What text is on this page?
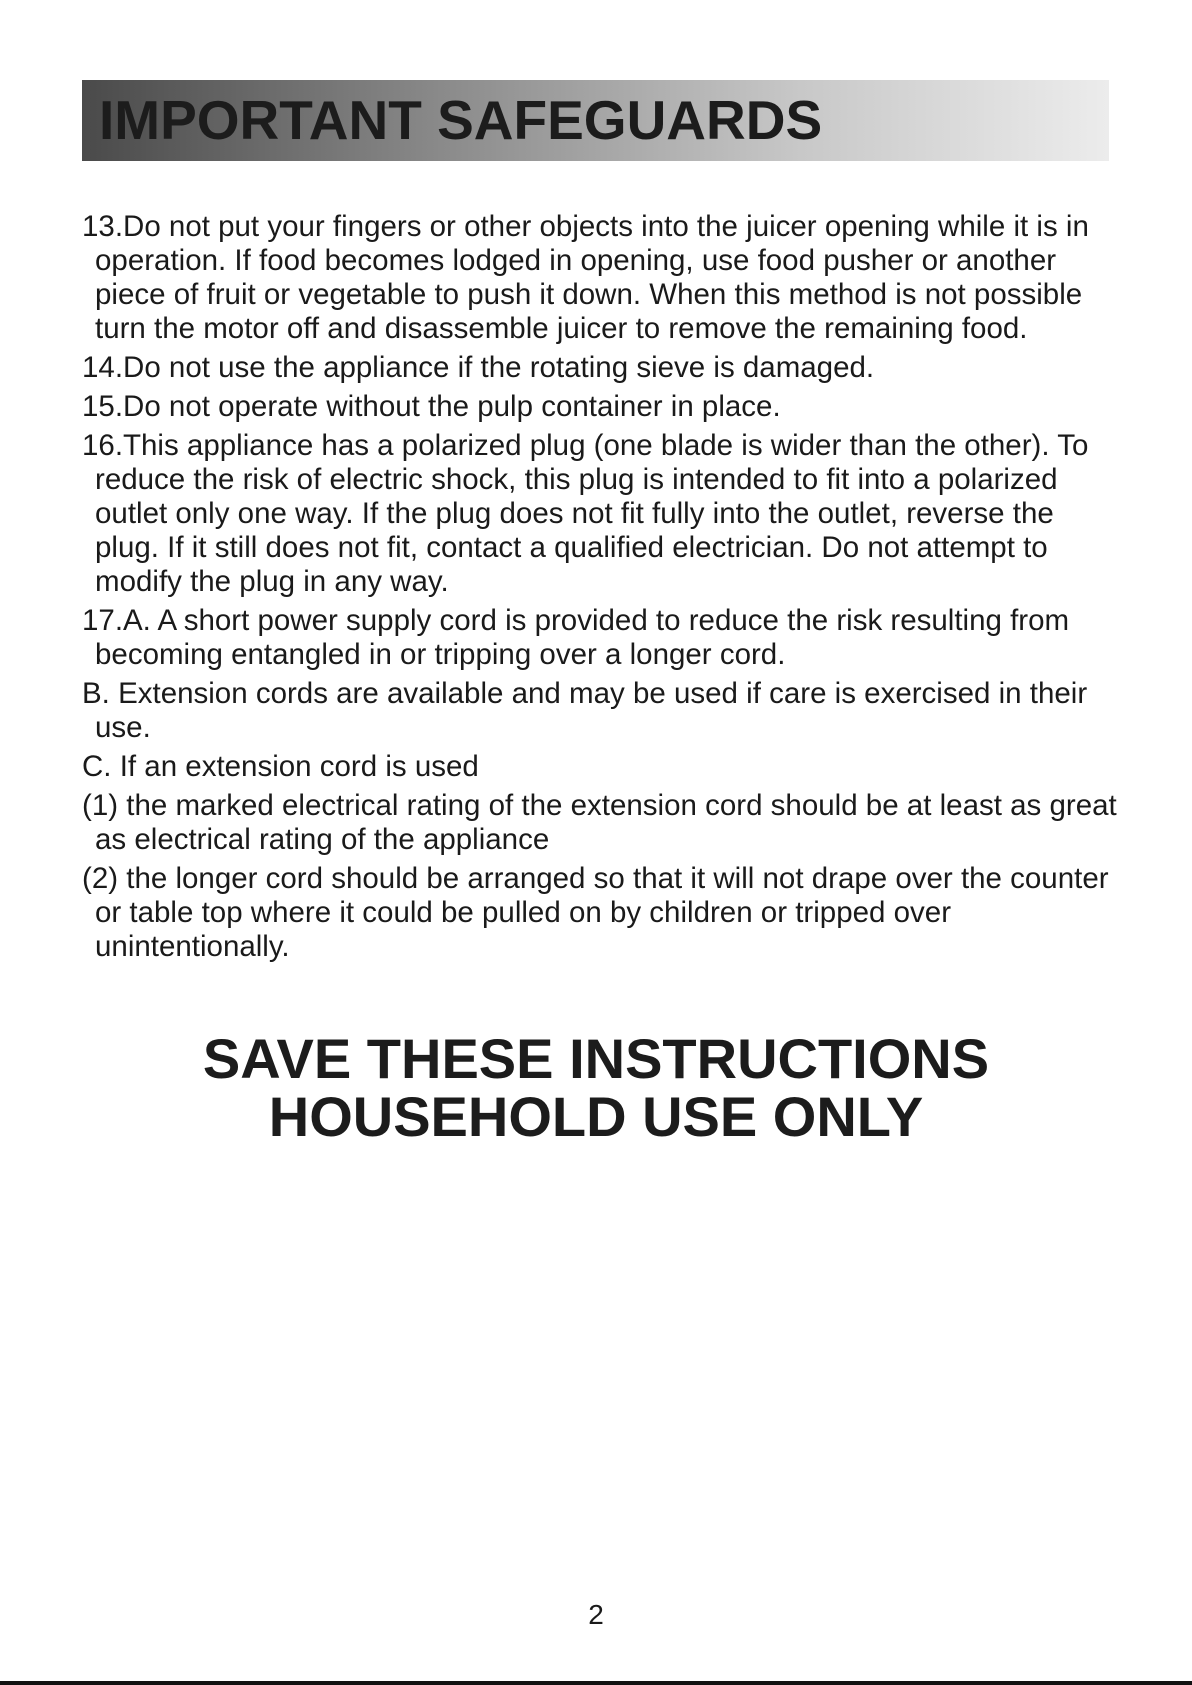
IMPORTANT SAFEGUARDS
13.Do not put your fingers or other objects into the juicer opening while it is in operation. If food becomes lodged in opening, use food pusher or another piece of fruit or vegetable to push it down. When this method is not possible turn the motor off and disassemble juicer to remove the remaining food.
14.Do not use the appliance if the rotating sieve is damaged.
15.Do not operate without the pulp container in place.
16.This appliance has a polarized plug (one blade is wider than the other). To reduce the risk of electric shock, this plug is intended to fit into a polarized outlet only one way. If the plug does not fit fully into the outlet, reverse the plug. If it still does not fit, contact a qualified electrician. Do not attempt to modify the plug in any way.
17.A. A short power supply cord is provided to reduce the risk resulting from becoming entangled in or tripping over a longer cord.
B. Extension cords are available and may be used if care is exercised in their use.
C. If an extension cord is used
(1) the marked electrical rating of the extension cord should be at least as great as electrical rating of the appliance
(2) the longer cord should be arranged so that it will not drape over the counter or table top where it could be pulled on by children or tripped over unintentionally.
SAVE THESE INSTRUCTIONS
HOUSEHOLD USE ONLY
2
